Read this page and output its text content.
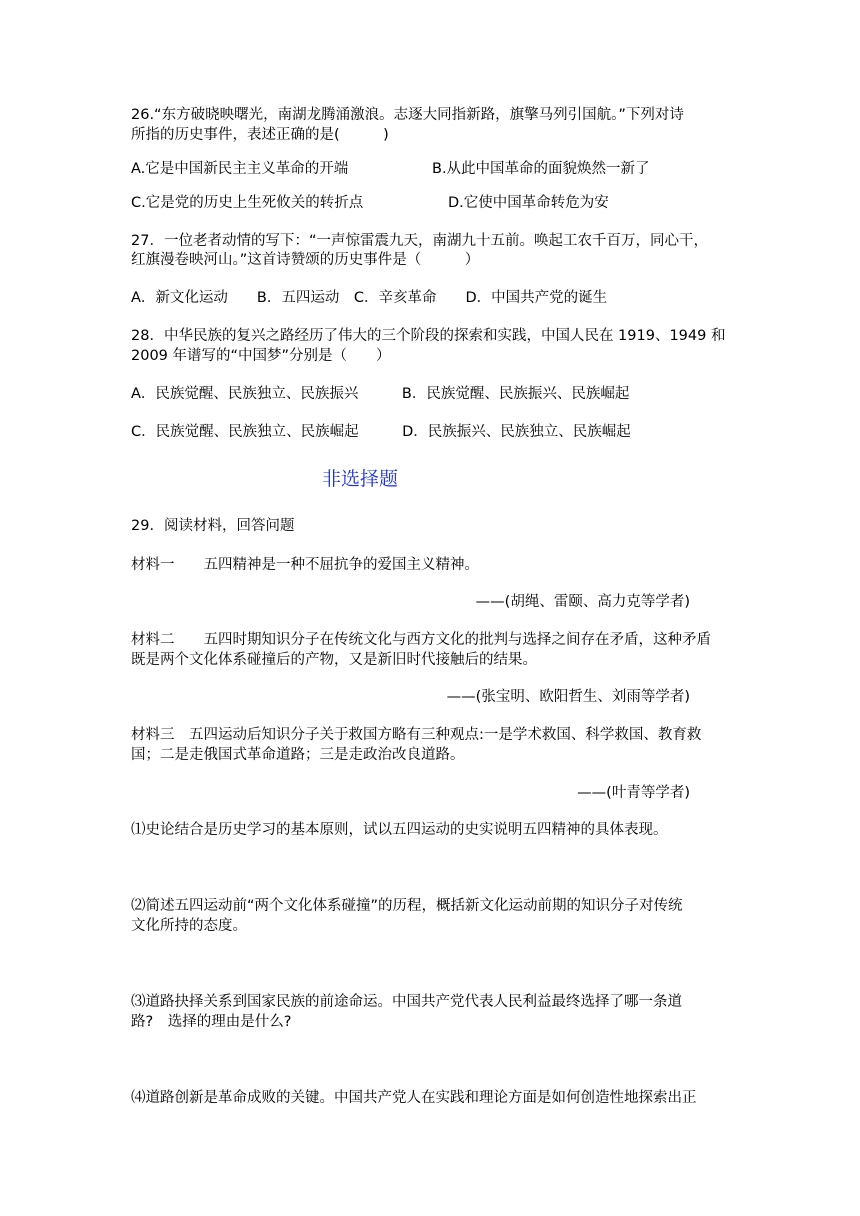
26.“东方破晓映曙光，南湖龙腾涌激浪。志逐大同指新路，旗擎马列引国航。”下列对诗
所指的历史事件，表述正确的是(　　　)
A.它是中国新民主主义革命的开端	B.从此中国革命的面貌焕然一新了
C.它是党的历史上生死攸关的转折点	D.它使中国革命转危为安
27．一位老者动情的写下：“一声惊雷震九天，南湖九十五前。唤起工农千百万，同心干，
红旗漫卷映河山。”这首诗赞颂的历史事件是（　　　）
A．新文化运动　　B．五四运动　C．辛亥革命　　D．中国共产党的诞生
28．中华民族的复兴之路经历了伟大的三个阶段的探索和实践，中国人民在 1919、1949 和
2009 年谱写的“中国梦”分别是（　　）
A．民族觉醒、民族独立、民族振兴　　　B．民族觉醒、民族振兴、民族崛起
C．民族觉醒、民族独立、民族崛起　　　D．民族振兴、民族独立、民族崛起
非选择题
29．阅读材料，回答问题
材料一　　五四精神是一种不屈抗争的爱国主义精神。
——(胡绳、雷颐、高力克等学者)
材料二　　五四时期知识分子在传统文化与西方文化的批判与选择之间存在矛盾，这种矛盾
既是两个文化体系碰撞后的产物，又是新旧时代接触后的结果。
——(张宝明、欧阳哲生、刘雨等学者)
材料三　五四运动后知识分子关于救国方略有三种观点:一是学术救国、科学救国、教育救
国；二是走俄国式革命道路；三是走政治改良道路。
——(叶青等学者)
⑴史论结合是历史学习的基本原则，试以五四运动的史实说明五四精神的具体表现。
⑵简述五四运动前“两个文化体系碰撞”的历程，概括新文化运动前期的知识分子对传统
文化所持的态度。
⑶道路抉择关系到国家民族的前途命运。中国共产党代表人民利益最终选择了哪一条道
路?　选择的理由是什么?
⑷道路创新是革命成败的关键。中国共产党人在实践和理论方面是如何创造性地探索出正
